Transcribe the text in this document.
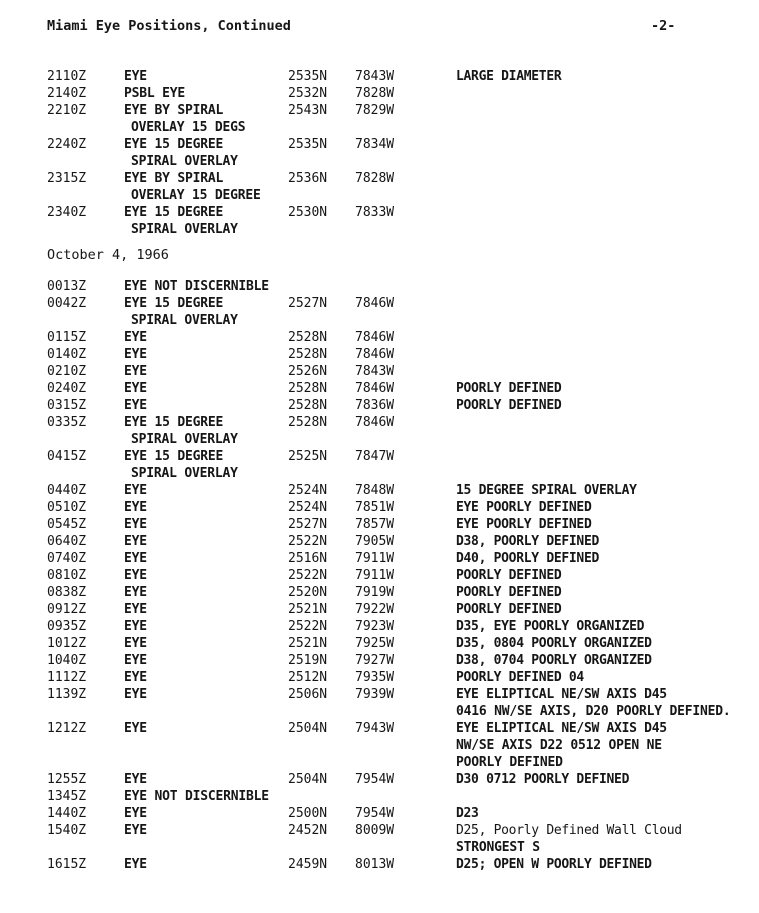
Miami Eye Positions, Continued	-2-
2110Z	EYE	2535N 7843W	LARGE DIAMETER
2140Z	PSBL EYE	2532N 7828W
2210Z	EYE BY SPIRAL	2543N 7829W
OVERLAY 15 DEGS
2240Z	EYE 15 DEGREE	2535N 7834W
SPIRAL OVERLAY
2315Z	EYE BY SPIRAL	2536N 7828W
OVERLAY 15 DEGREE
2340Z	EYE 15 DEGREE	2530N 7833W
SPIRAL OVERLAY
October 4, 1966
0013Z	EYE NOT DISCERNIBLE
0042Z	EYE 15 DEGREE	2527N 7846W
SPIRAL OVERLAY
0115Z	EYE	2528N 7846W
0140Z	EYE	2528N 7846W
0210Z	EYE	2526N 7843W
0240Z	EYE	2528N 7846W	POORLY DEFINED
0315Z	EYE	2528N 7836W	POORLY DEFINED
0335Z	EYE 15 DEGREE	2528N 7846W
SPIRAL OVERLAY
0415Z	EYE 15 DEGREE	2525N 7847W
SPIRAL OVERLAY
0440Z	EYE	2524N 7848W	15 DEGREE SPIRAL OVERLAY
0510Z	EYE	2524N 7851W	EYE POORLY DEFINED
0545Z	EYE	2527N 7857W	EYE POORLY DEFINED
0640Z	EYE	2522N 7905W	D38, POORLY DEFINED
0740Z	EYE	2516N 7911W	D40, POORLY DEFINED
0810Z	EYE	2522N 7911W	POORLY DEFINED
0838Z	EYE	2520N 7919W	POORLY DEFINED
0912Z	EYE	2521N 7922W	POORLY DEFINED
0935Z	EYE	2522N 7923W	D35, EYE POORLY ORGANIZED
1012Z	EYE	2521N 7925W	D35, 0804 POORLY ORGANIZED
1040Z	EYE	2519N 7927W	D38, 0704 POORLY ORGANIZED
1112Z	EYE	2512N 7935W	POORLY DEFINED 04
1139Z	EYE	2506N 7939W	EYE ELIPTICAL NE/SW AXIS D45
0416 NW/SE AXIS, D20 POORLY DEFINED.
1212Z	EYE	2504N 7943W	EYE ELIPTICAL NE/SW AXIS D45
NW/SE AXIS D22 0512 OPEN NE
POORLY DEFINED
1255Z	EYE	2504N 7954W	D30 0712 POORLY DEFINED
1345Z	EYE NOT DISCERNIBLE
1440Z	EYE	2500N 7954W	D23
1540Z	EYE	2452N 8009W	D25, Poorly Defined Wall Cloud
STRONGEST S
1615Z	EYE	2459N 8013W	D25; OPEN W POORLY DEFINED
